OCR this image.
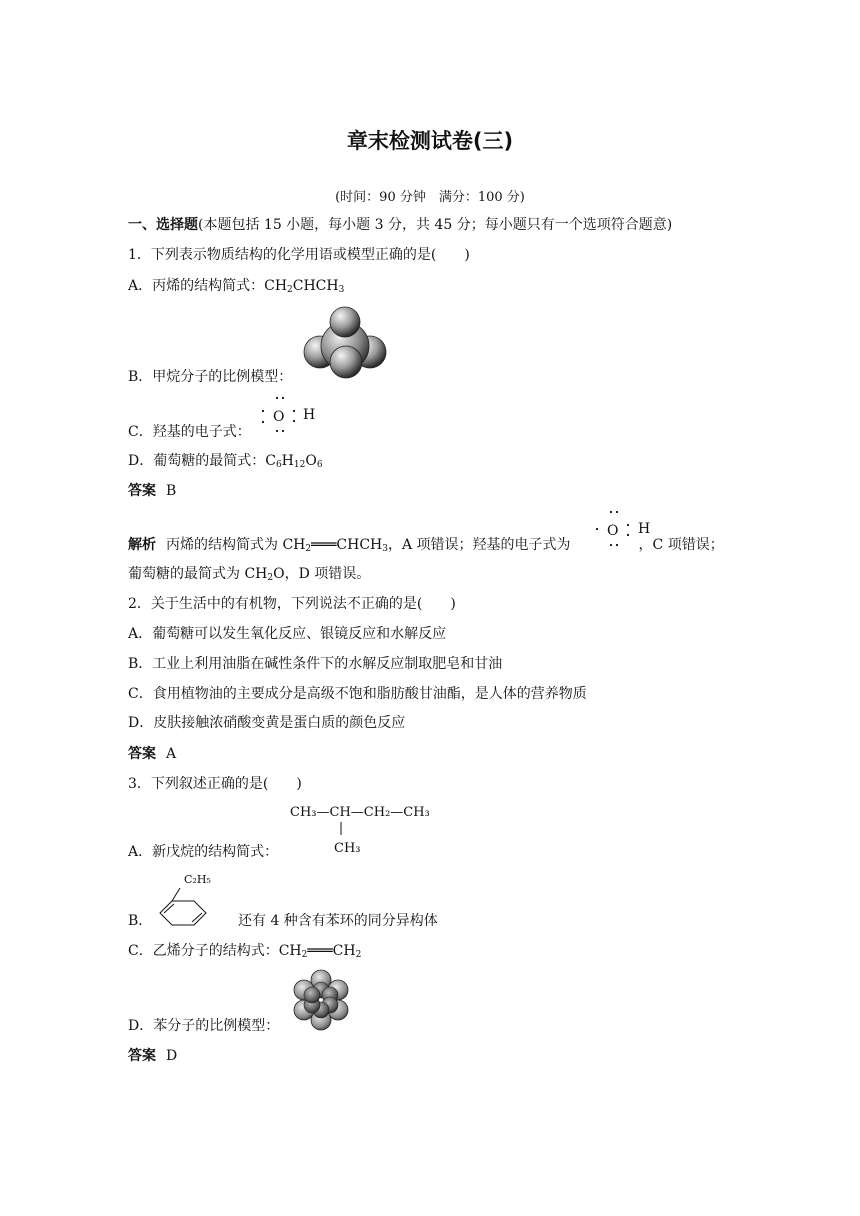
章末检测试卷(三)
(时间：90 分钟　满分：100 分)
一、选择题(本题包括 15 小题，每小题 3 分，共 45 分；每小题只有一个选项符合题意)
1．下列表示物质结构的化学用语或模型正确的是(　　)
A．丙烯的结构简式：$CH_2CHCH_3$
B．甲烷分子的比例模型：
C．羟基的电子式：
O H
D．葡萄糖的最简式：$C_6H_{12}O_6$
答案 B
解析 丙烯的结构简式为 $CH_2═══CHCH_3$，A 项错误；羟基的电子式为	，C 项错误；
O H
葡萄糖的最简式为 $CH_2O$，D 项错误。
2．关于生活中的有机物，下列说法不正确的是(　　)
A．葡萄糖可以发生氧化反应、银镜反应和水解反应
B．工业上利用油脂在碱性条件下的水解反应制取肥皂和甘油
C．食用植物油的主要成分是高级不饱和脂肪酸甘油酯，是人体的营养物质
D．皮肤接触浓硝酸变黄是蛋白质的颜色反应
答案 A
3．下列叙述正确的是(　　)
CH₃—CH—CH₂—CH₃
CH₃
A．新戊烷的结构简式：
B．
C₂H₅
还有 4 种含有苯环的同分异构体
C．乙烯分子的结构式：$CH_2═══CH_2$
D．苯分子的比例模型：
答案 D
